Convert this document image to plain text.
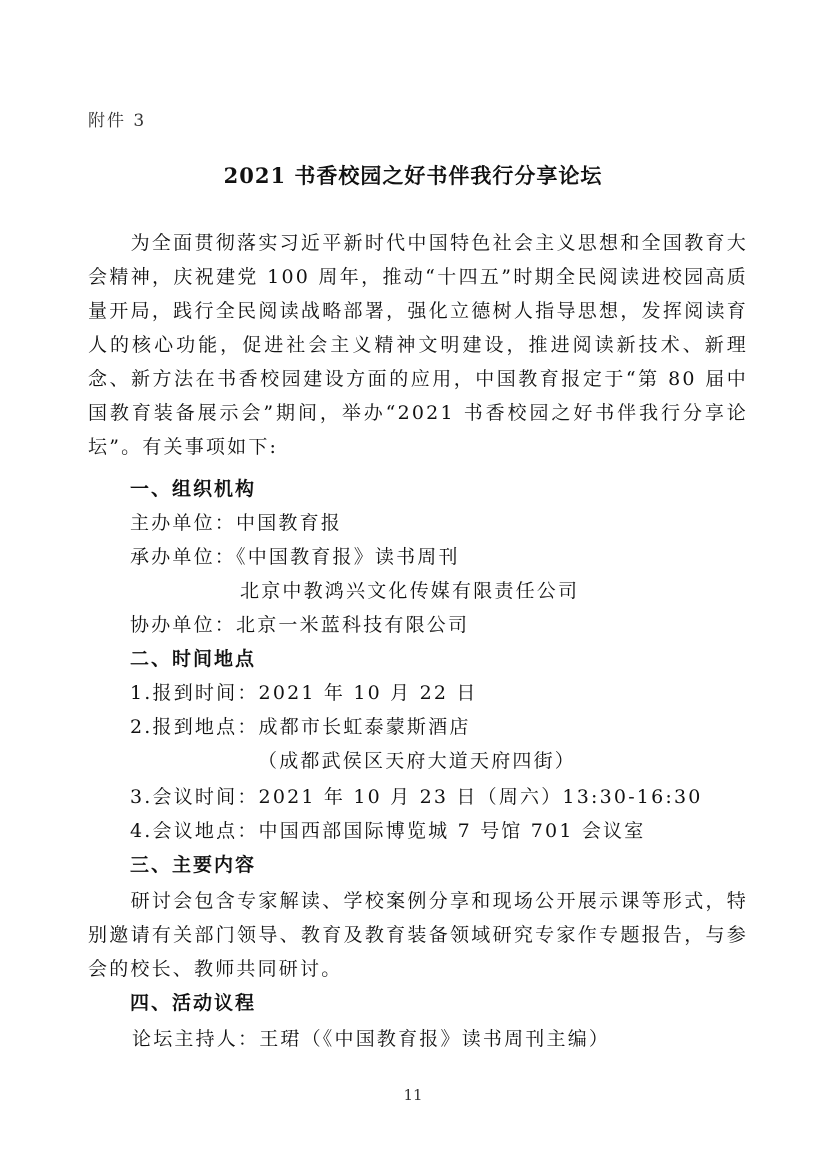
附件 3
2021 书香校园之好书伴我行分享论坛
　　为全面贯彻落实习近平新时代中国特色社会主义思想和全国教育大会精神，庆祝建党 100 周年，推动“十四五”时期全民阅读进校园高质量开局，践行全民阅读战略部署，强化立德树人指导思想，发挥阅读育人的核心功能，促进社会主义精神文明建设，推进阅读新技术、新理念、新方法在书香校园建设方面的应用，中国教育报定于“第 80 届中国教育装备展示会”期间，举办“2021 书香校园之好书伴我行分享论坛”。有关事项如下:
一、组织机构
主办单位：中国教育报
承办单位：《中国教育报》读书周刊
北京中教鸿兴文化传媒有限责任公司
协办单位：北京一米蓝科技有限公司
二、时间地点
1.报到时间：2021 年 10 月 22 日
2.报到地点：成都市长虹泰蒙斯酒店
（成都武侯区天府大道天府四街）
3.会议时间：2021 年 10 月 23 日（周六）13:30-16:30
4.会议地点：中国西部国际博览城 7 号馆 701 会议室
三、主要内容
　　研讨会包含专家解读、学校案例分享和现场公开展示课等形式，特别邀请有关部门领导、教育及教育装备领域研究专家作专题报告，与参会的校长、教师共同研讨。
四、活动议程
论坛主持人：王珺（《中国教育报》读书周刊主编）
11
